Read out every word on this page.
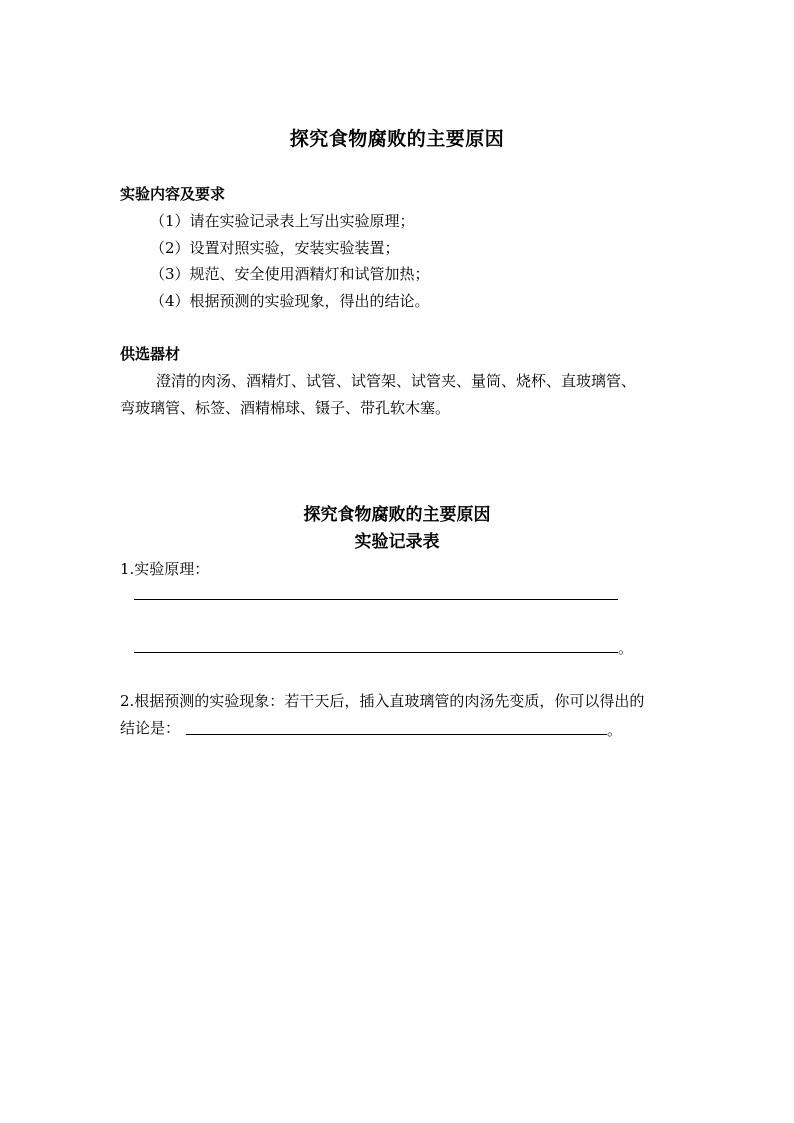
探究食物腐败的主要原因
实验内容及要求
（1）请在实验记录表上写出实验原理；
（2）设置对照实验，安装实验装置；
（3）规范、安全使用酒精灯和试管加热；
（4）根据预测的实验现象，得出的结论。
供选器材
澄清的肉汤、酒精灯、试管、试管架、试管夹、量筒、烧杯、直玻璃管、
弯玻璃管、标签、酒精棉球、镊子、带孔软木塞。
探究食物腐败的主要原因
实验记录表
1.实验原理：
。
2.根据预测的实验现象：若干天后，插入直玻璃管的肉汤先变质，你可以得出的
结论是：	。
